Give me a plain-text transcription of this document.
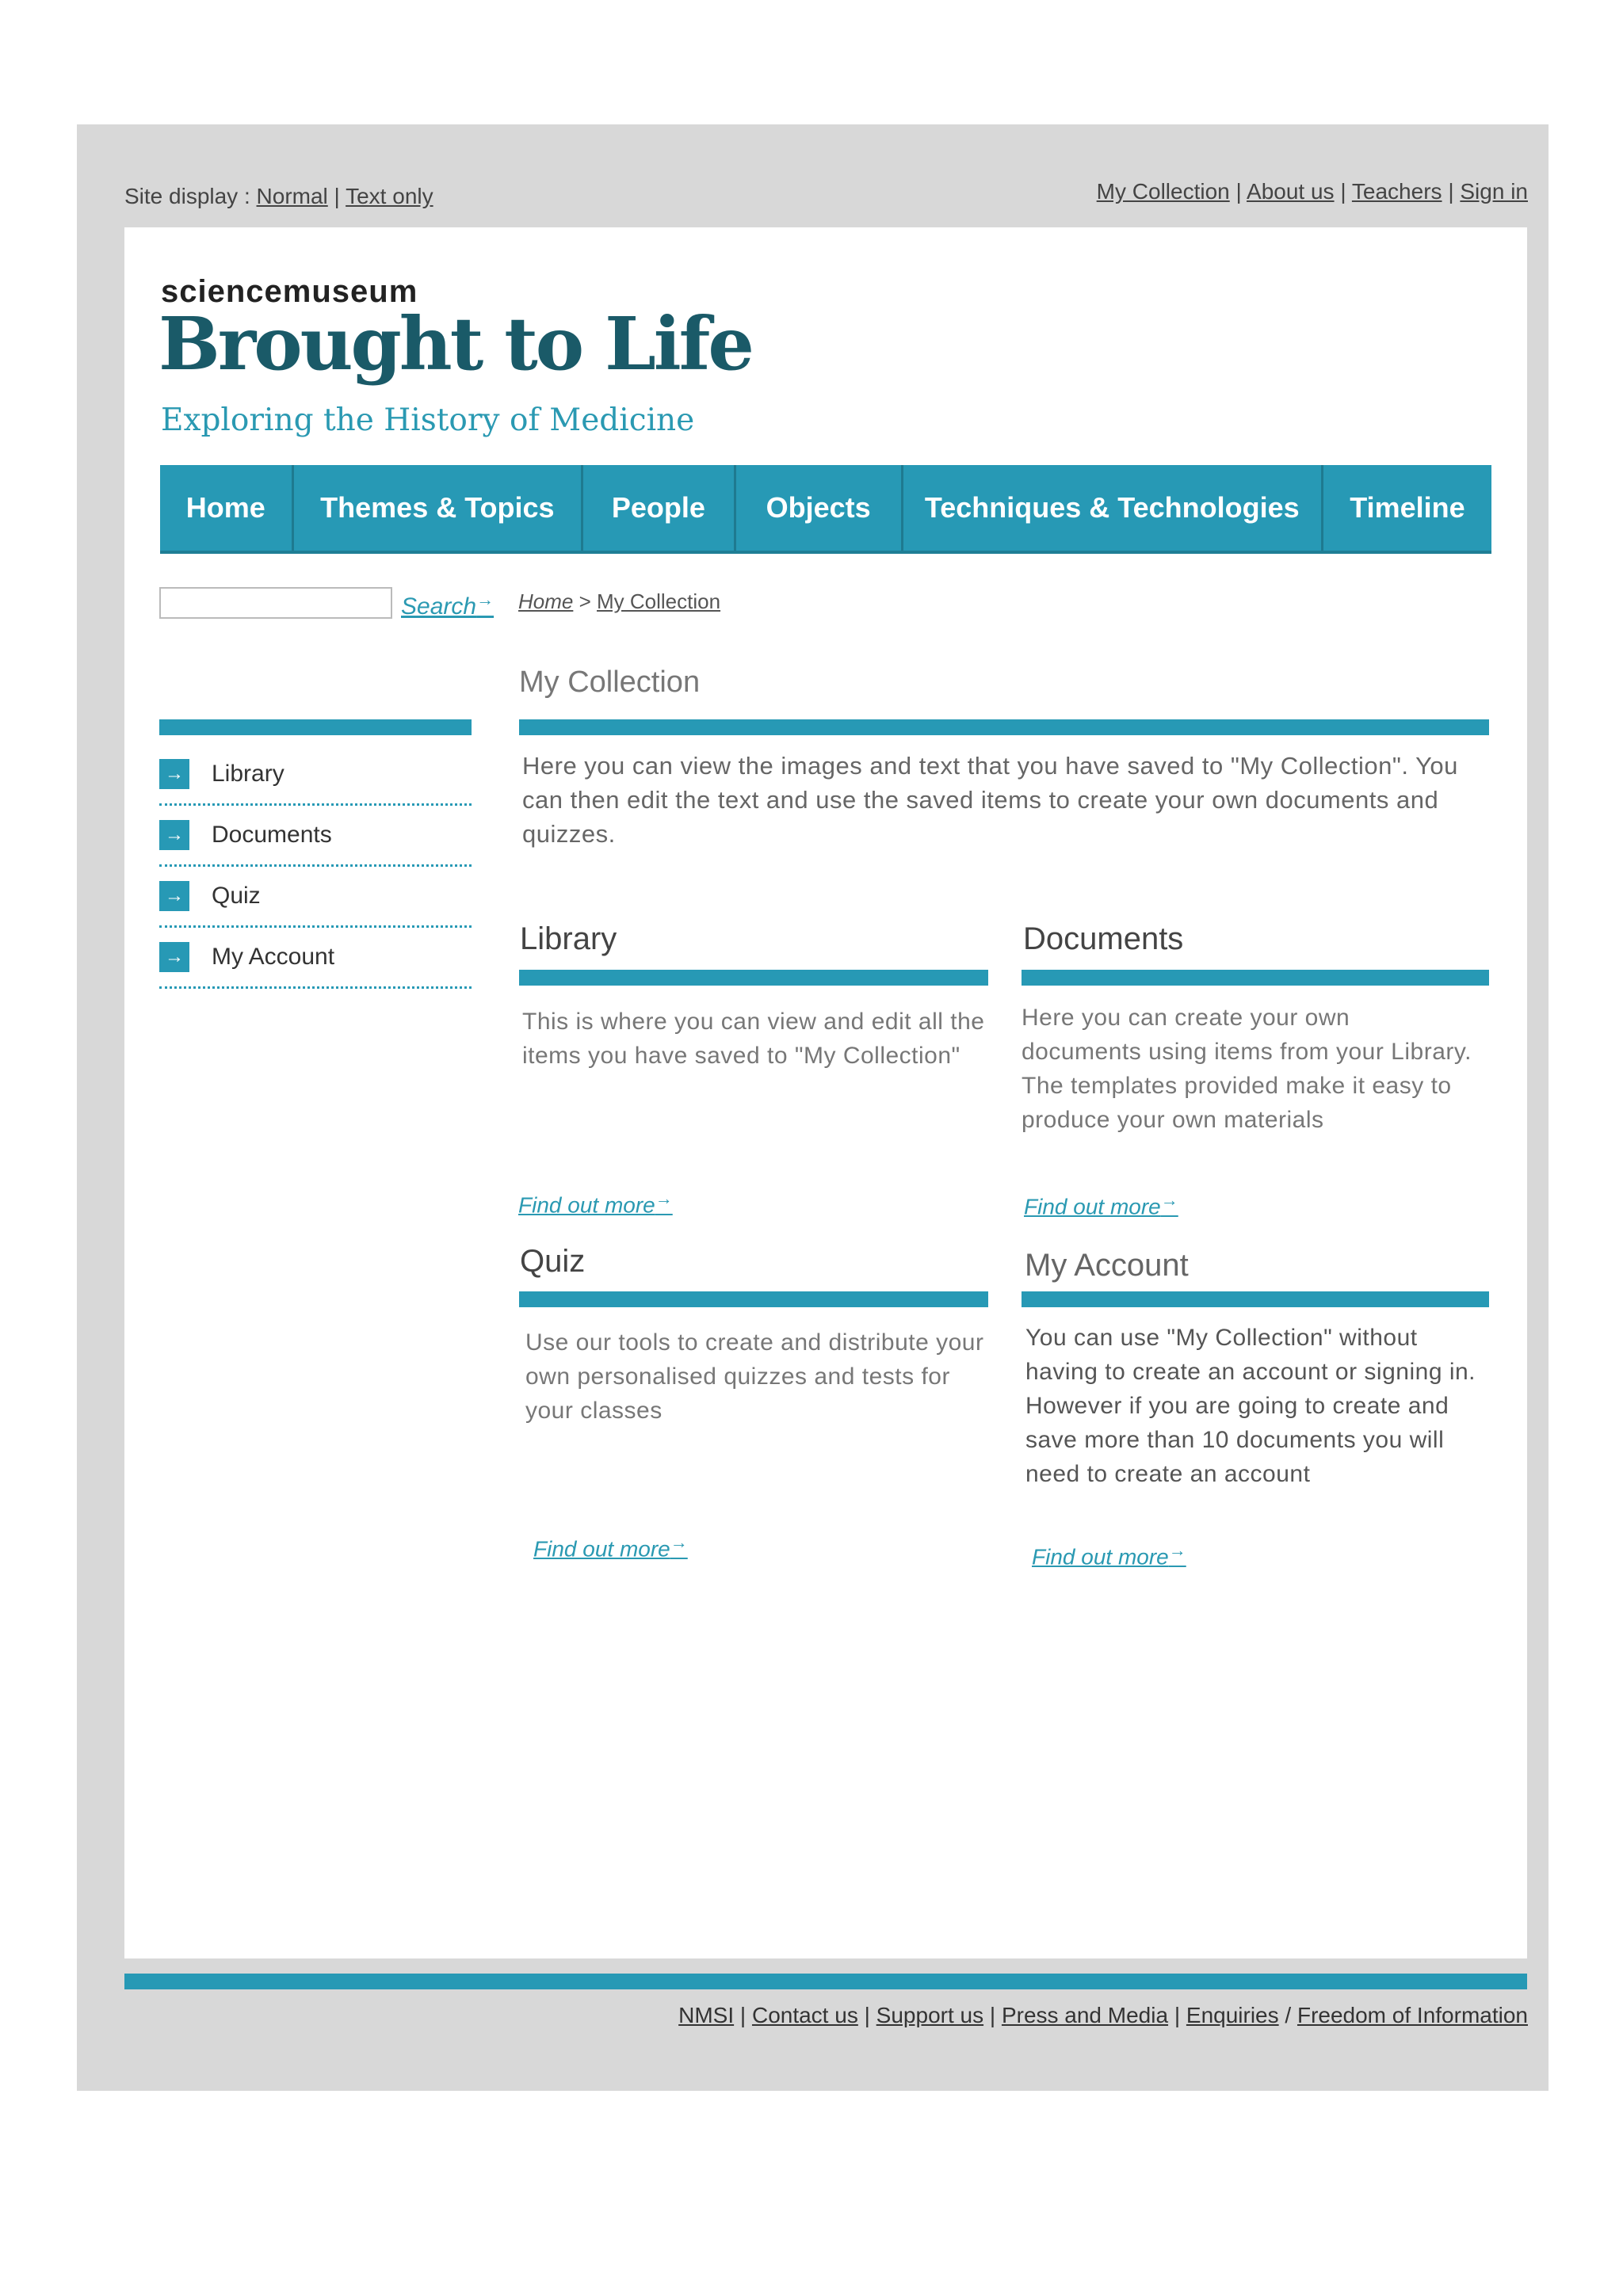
Site display : Normal | Text only	My Collection | About us | Teachers | Sign in
sciencemuseum
Brought to Life
Exploring the History of Medicine
Home	Themes & Topics	People	Objects	Techniques & Technologies	Timeline
Search→ Home > My Collection
My Collection
Here you can view the images and text that you have saved to "My Collection". You can then edit the text and use the saved items to create your own documents and quizzes.
→ Library
→ Documents
→ Quiz
→ My Account
Library
This is where you can view and edit all the items you have saved to "My Collection"
Find out more→
Documents
Here you can create your own documents using items from your Library. The templates provided make it easy to produce your own materials
Find out more→
Quiz
Use our tools to create and distribute your own personalised quizzes and tests for your classes
Find out more→
My Account
You can use "My Collection" without having to create an account or signing in. However if you are going to create and save more than 10 documents you will need to create an account
Find out more→
NMSI | Contact us | Support us | Press and Media | Enquiries / Freedom of Information
